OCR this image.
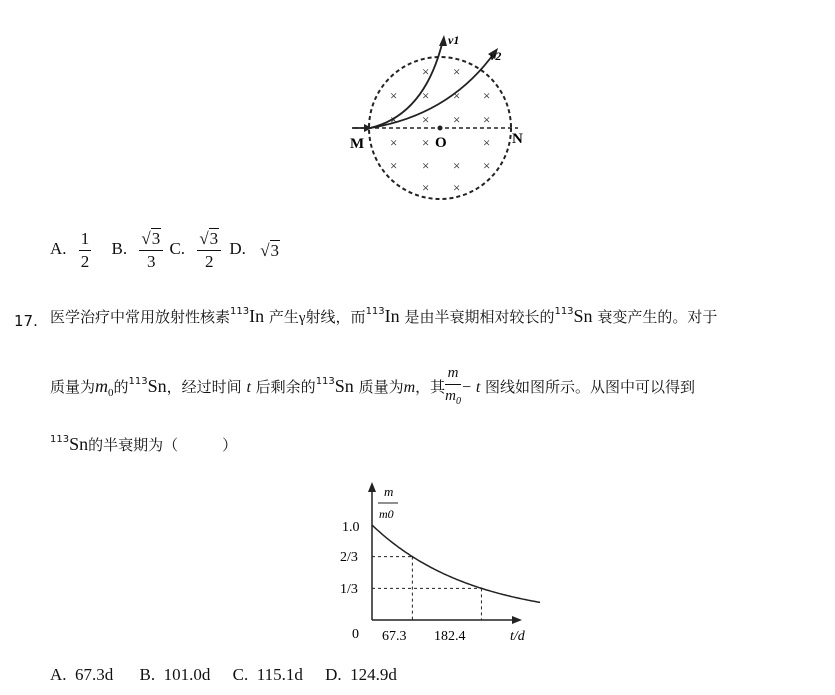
× ×
× × × ×
× × × ×
× ×	×
× × × ×
× ×
v1
v2
M	O	N
A. $\frac{1}{2} B$. $\frac{√3}{3} C$. $\frac{√3}{2} D$. √3
17. 医学治疗中常用放射性核素$^{113}$In 产生γ射线，而$^{113}$In 是由半衰期相对较长的$^{113}$Sn 衰变产生的。对于
质量为$m_0$的$^{113}$Sn，经过时间 t 后剩余的$^{113}$Sn 质量为m，其 $\frac{m}{m_0} - t$ 图线如图所示。从图中可以得到
$^{113}$Sn的半衰期为（	）
m
m0
1.0
2/3
1/3
0 67.3 182.4	t/d
A. 67.3d B. 101.0d C. 115.1d D. 124.9d
